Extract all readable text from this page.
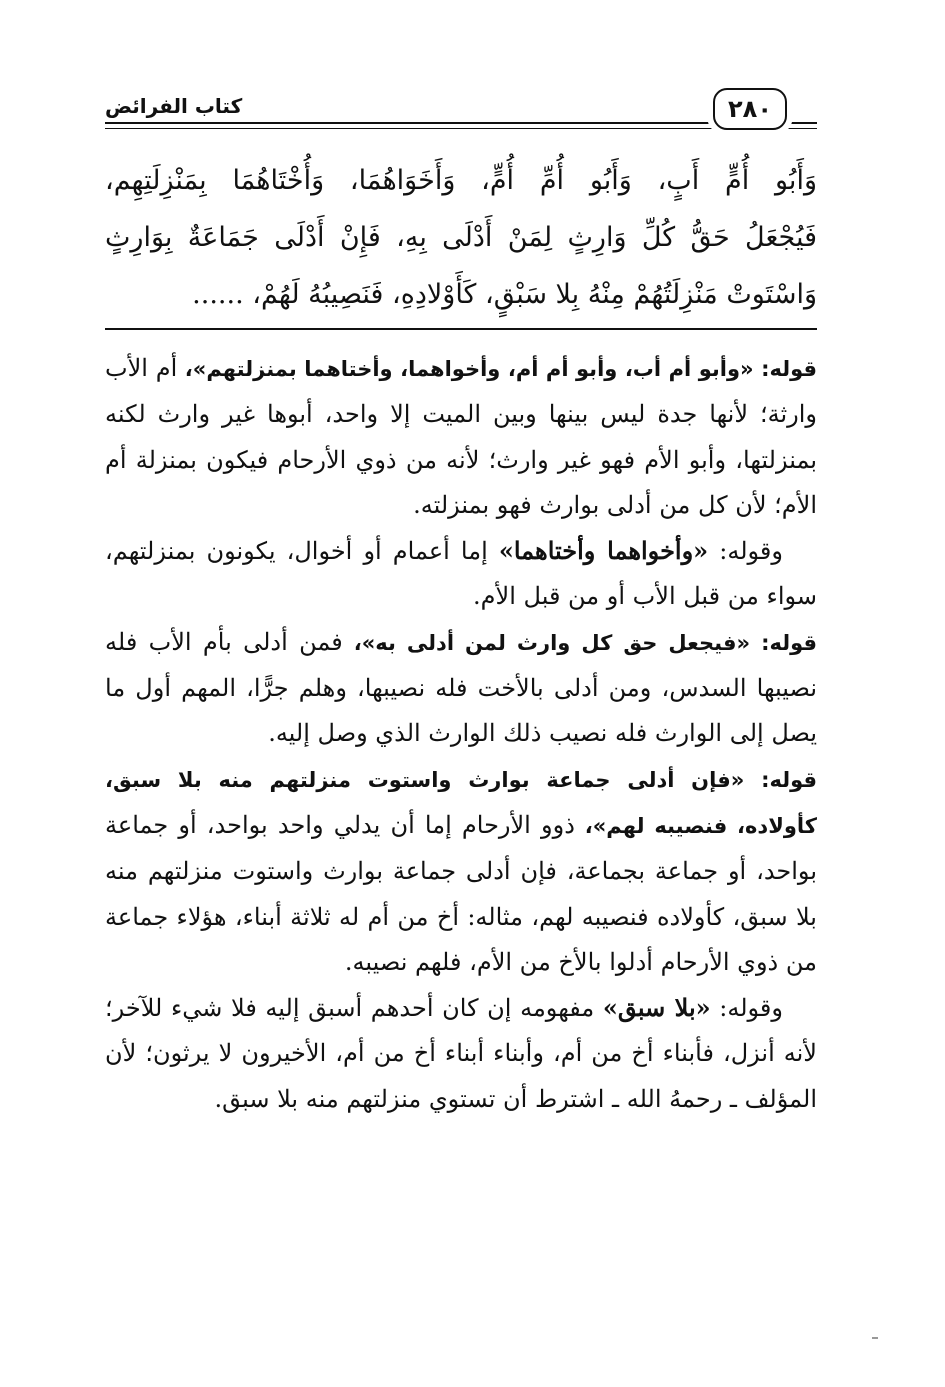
كتاب الفرائض	٢٨٠

وَأَبُو أُمٍّ أَبٍ، وَأَبُو أُمِّ أُمٍّ، وَأَخَوَاهُمَا، وَأُخْتَاهُمَا بِمَنْزِلَتِهِم،

فَيُجْعَلُ حَقُّ كُلِّ وَارِثٍ لِمَنْ أَدْلَى بِهِ، فَإِنْ أَدْلَى جَمَاعَةٌ بِوَارِثٍ

وَاسْتَوتْ مَنْزِلَتُهُمْ مِنْهُ بِلا سَبْقٍ، كَأَوْلادِهِ، فَنَصِيبُهُ لَهُمْ، ......

قوله: «وأبو أم أب، وأبو أم أم، وأخواهما، وأختاهما بمنزلتهم»، أم الأب وارثة؛ لأنها جدة ليس بينها وبين الميت إلا واحد، أبوها غير وارث لكنه بمنزلتها، وأبو الأم فهو غير وارث؛ لأنه من ذوي الأرحام فيكون بمنزلة أم الأم؛ لأن كل من أدلى بوارث فهو بمنزلته.

وقوله: «وأخواهما وأختاهما» إما أعمام أو أخوال، يكونون بمنزلتهم، سواء من قبل الأب أو من قبل الأم.

قوله: «فيجعل حق كل وارث لمن أدلى به»، فمن أدلى بأم الأب فله نصيبها السدس، ومن أدلى بالأخت فله نصيبها، وهلم جرًّا، المهم أول ما يصل إلى الوارث فله نصيب ذلك الوارث الذي وصل إليه.

قوله: «فإن أدلى جماعة بوارث واستوت منزلتهم منه بلا سبق، كأولاده، فنصيبه لهم»، ذوو الأرحام إما أن يدلي واحد بواحد، أو جماعة بواحد، أو جماعة بجماعة، فإن أدلى جماعة بوارث واستوت منزلتهم منه بلا سبق، كأولاده فنصيبه لهم، مثاله: أخ من أم له ثلاثة أبناء، هؤلاء جماعة من ذوي الأرحام أدلوا بالأخ من الأم، فلهم نصيبه.

وقوله: «بلا سبق» مفهومه إن كان أحدهم أسبق إليه فلا شيء للآخر؛ لأنه أنزل، فأبناء أخ من أم، وأبناء أبناء أخ من أم، الأخيرون لا يرثون؛ لأن المؤلف ـ رحمهُ الله ـ اشترط أن تستوي منزلتهم منه بلا سبق.
